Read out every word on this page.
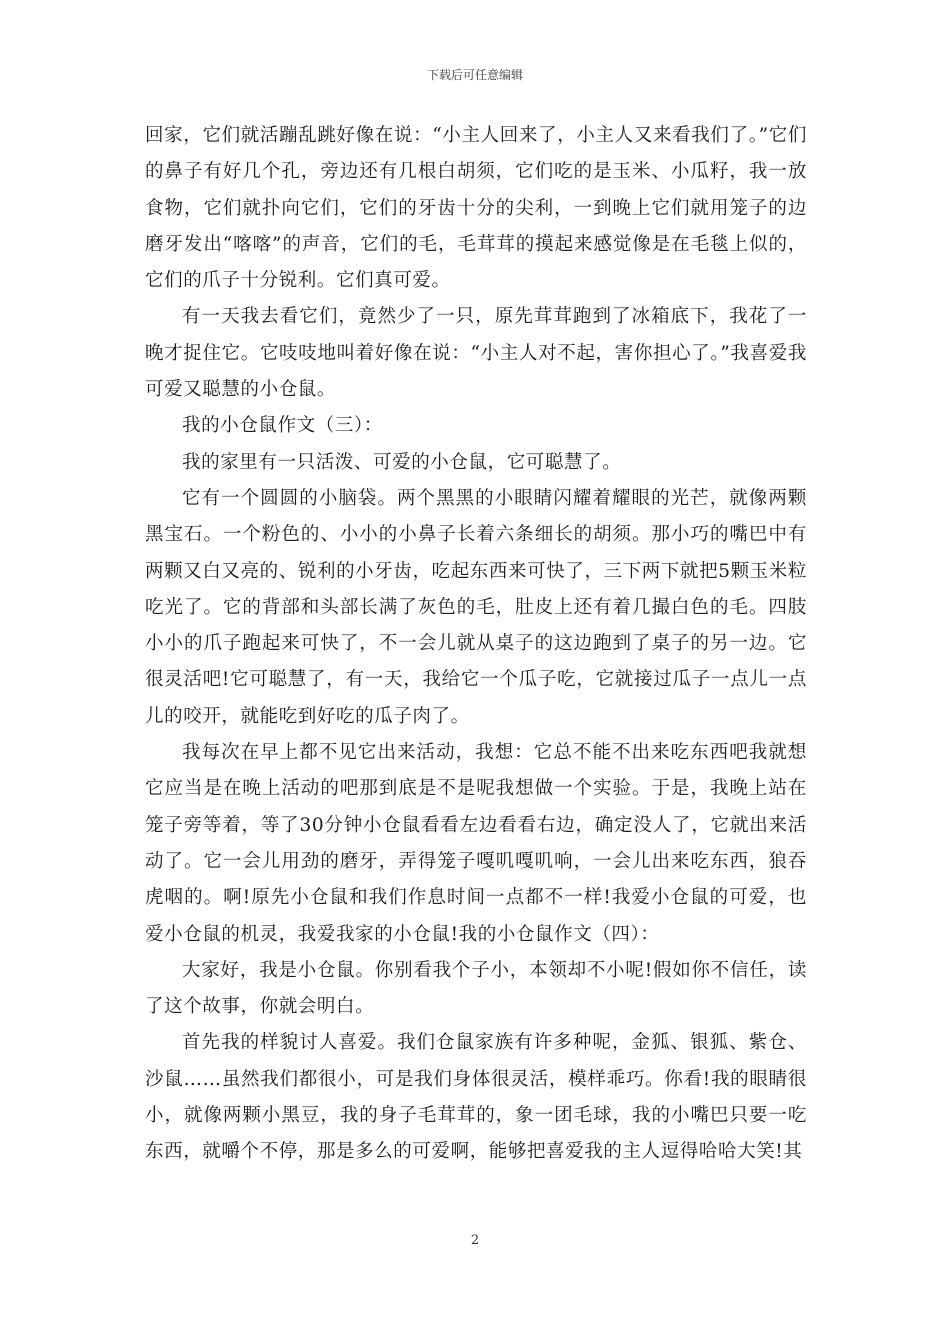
下载后可任意编辑

回家，它们就活蹦乱跳好像在说：“小主人回来了，小主人又来看我们了。”它们的鼻子有好几个孔，旁边还有几根白胡须，它们吃的是玉米、小瓜籽，我一放食物，它们就扑向它们，它们的牙齿十分的尖利，一到晚上它们就用笼子的边磨牙发出“喀喀”的声音，它们的毛，毛茸茸的摸起来感觉像是在毛毯上似的，它们的爪子十分锐利。它们真可爱。

有一天我去看它们，竟然少了一只，原先茸茸跑到了冰箱底下，我花了一晚才捉住它。它吱吱地叫着好像在说：“小主人对不起，害你担心了。”我喜爱我可爱又聪慧的小仓鼠。

我的小仓鼠作文（三）：

我的家里有一只活泼、可爱的小仓鼠，它可聪慧了。

它有一个圆圆的小脑袋。两个黑黑的小眼睛闪耀着耀眼的光芒，就像两颗黑宝石。一个粉色的、小小的小鼻子长着六条细长的胡须。那小巧的嘴巴中有两颗又白又亮的、锐利的小牙齿，吃起东西来可快了，三下两下就把5颗玉米粒吃光了。它的背部和头部长满了灰色的毛，肚皮上还有着几撮白色的毛。四肢小小的爪子跑起来可快了，不一会儿就从桌子的这边跑到了桌子的另一边。它很灵活吧!它可聪慧了，有一天，我给它一个瓜子吃，它就接过瓜子一点儿一点儿的咬开，就能吃到好吃的瓜子肉了。

我每次在早上都不见它出来活动，我想：它总不能不出来吃东西吧我就想它应当是在晚上活动的吧那到底是不是呢我想做一个实验。于是，我晚上站在笼子旁等着，等了30分钟小仓鼠看看左边看看右边，确定没人了，它就出来活动了。它一会儿用劲的磨牙，弄得笼子嘎叽嘎叽响，一会儿出来吃东西，狼吞虎咽的。啊!原先小仓鼠和我们作息时间一点都不一样!我爱小仓鼠的可爱，也爱小仓鼠的机灵，我爱我家的小仓鼠!我的小仓鼠作文（四）：

大家好，我是小仓鼠。你别看我个子小，本领却不小呢!假如你不信任，读了这个故事，你就会明白。

首先我的样貌讨人喜爱。我们仓鼠家族有许多种呢，金狐、银狐、紫仓、沙鼠……虽然我们都很小，可是我们身体很灵活，模样乖巧。你看!我的眼睛很小，就像两颗小黑豆，我的身子毛茸茸的，象一团毛球，我的小嘴巴只要一吃东西，就嚼个不停，那是多么的可爱啊，能够把喜爱我的主人逗得哈哈大笑!其

2
